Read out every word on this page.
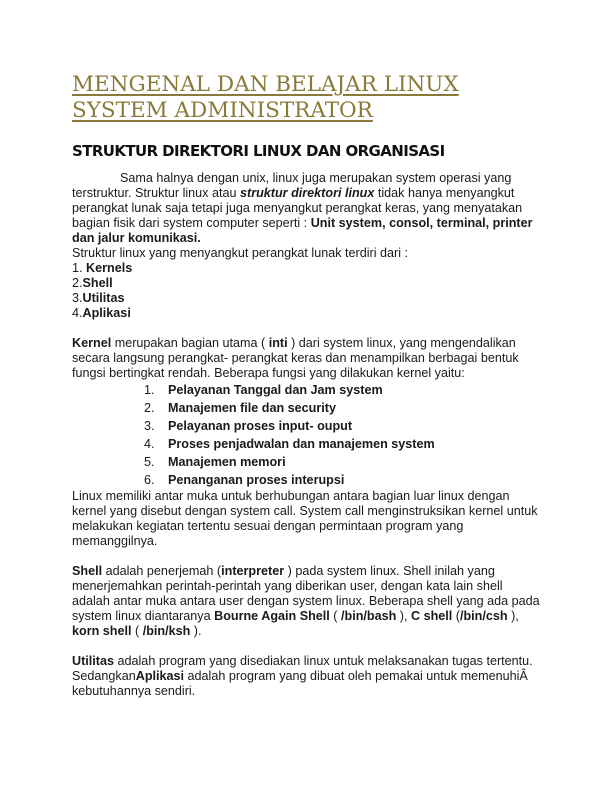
MENGENAL DAN BELAJAR LINUX SYSTEM ADMINISTRATOR
STRUKTUR DIREKTORI LINUX DAN ORGANISASI

Sama halnya dengan unix, linux juga merupakan system operasi yang terstruktur. Struktur linux atau struktur direktori linux tidak hanya menyangkut perangkat lunak saja tetapi juga menyangkut perangkat keras, yang menyatakan bagian fisik dari system computer seperti : Unit system, consol, terminal, printer dan jalur komunikasi.

Struktur linux yang menyangkut perangkat lunak terdiri dari :

1. Kernels
2.Shell
3.Utilitas
4.Aplikasi

Kernel merupakan bagian utama ( inti ) dari system linux, yang mengendalikan secara langsung perangkat- perangkat keras dan menampilkan berbagai bentuk fungsi bertingkat rendah. Beberapa fungsi yang dilakukan kernel yaitu:

1.	Pelayanan Tanggal dan Jam system
2.	Manajemen file dan security
3.	Pelayanan proses input- ouput
4.	Proses penjadwalan dan manajemen system
5.	Manajemen memori
6.	Penanganan proses interupsi

Linux memiliki antar muka untuk berhubungan antara bagian luar linux dengan kernel yang disebut dengan system call. System call menginstruksikan kernel untuk melakukan kegiatan tertentu sesuai dengan permintaan program yang memanggilnya.

Shell adalah penerjemah (interpreter ) pada system linux. Shell inilah yang menerjemahkan perintah-perintah yang diberikan user, dengan kata lain shell adalah antar muka antara user dengan system linux. Beberapa shell yang ada pada system linux diantaranya Bourne Again Shell ( /bin/bash ), C shell (/bin/csh ), korn shell ( /bin/ksh ).

Utilitas adalah program yang disediakan linux untuk melaksanakan tugas tertentu. SedangkanAplikasi adalah program yang dibuat oleh pemakai untuk memenuhiÂ kebutuhannya sendiri.
